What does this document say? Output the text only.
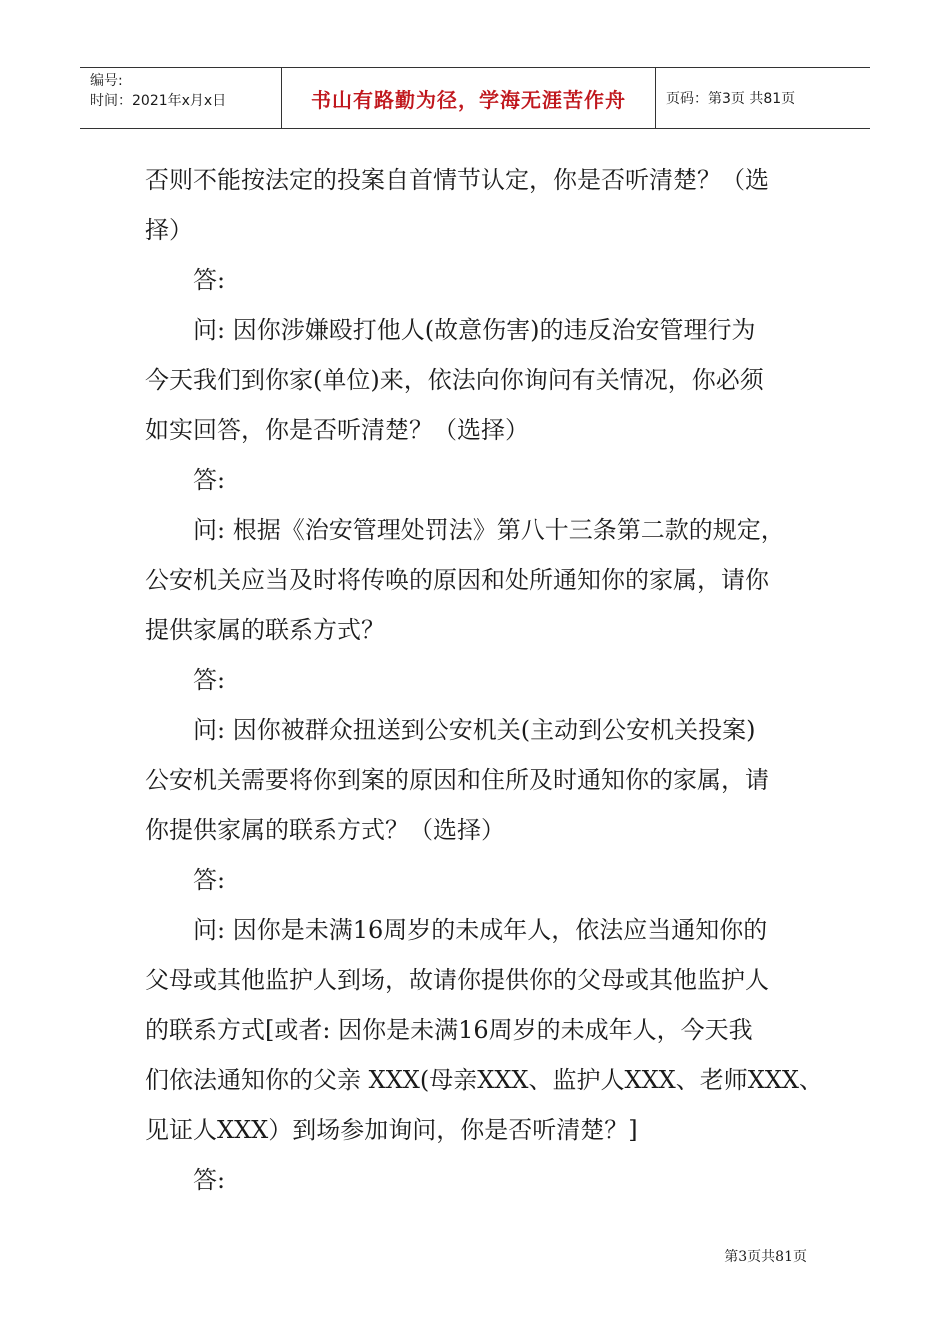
编号:
时间：2021年x月x日	书山有路勤为径，学海无涯苦作舟	页码：第3页 共81页
否则不能按法定的投案自首情节认定，你是否听清楚？（选
择）
答:
问: 因你涉嫌殴打他人(故意伤害)的违反治安管理行为
今天我们到你家(单位)来，依法向你询问有关情况，你必须
如实回答，你是否听清楚？（选择）
答:
问: 根据《治安管理处罚法》第八十三条第二款的规定，
公安机关应当及时将传唤的原因和处所通知你的家属，请你
提供家属的联系方式？
答:
问: 因你被群众扭送到公安机关(主动到公安机关投案)
公安机关需要将你到案的原因和住所及时通知你的家属，请
你提供家属的联系方式？（选择）
答:
问: 因你是未满16周岁的未成年人，依法应当通知你的
父母或其他监护人到场，故请你提供你的父母或其他监护人
的联系方式[或者: 因你是未满16周岁的未成年人，今天我
们依法通知你的父亲 XXX(母亲XXX、监护人XXX、老师XXX、
见证人XXX）到场参加询问，你是否听清楚？]
答:
第3页共81页
